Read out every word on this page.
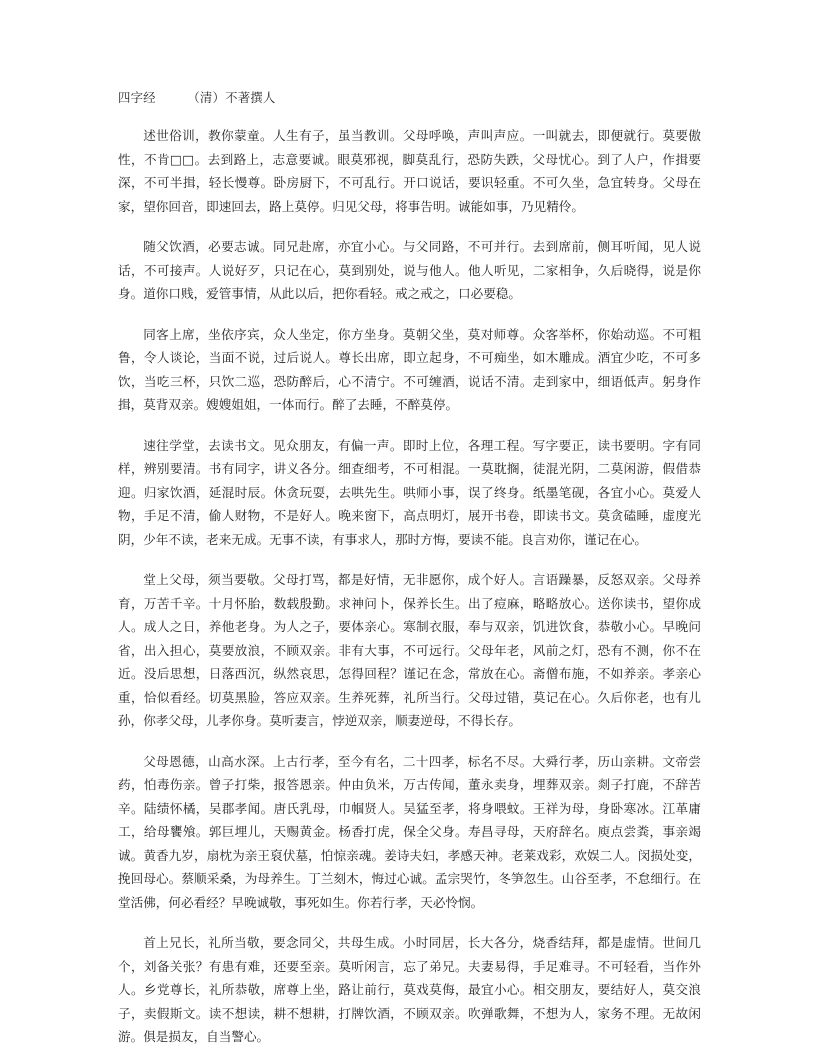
四字经　　　（清）不著撰人

述世俗训，教你蒙童。人生有子，虽当教训。父母呼唤，声叫声应。一叫就去，即便就行。莫要傲性，不肯□□。去到路上，志意要诚。眼莫邪视，脚莫乱行，恐防失跌，父母忧心。到了人户，作揖要深，不可半揖，轻长慢尊。卧房厨下，不可乱行。开口说话，要识轻重。不可久坐，急宜转身。父母在家，望你回音，即速回去，路上莫停。归见父母，将事告明。诚能如事，乃见精伶。

随父饮酒，必要志诚。同兄赴席，亦宜小心。与父同路，不可并行。去到席前，侧耳听闻，见人说话，不可接声。人说好歹，只记在心，莫到别处，说与他人。他人听见，二家相争，久后晓得，说是你身。道你口贱，爱管事情，从此以后，把你看轻。戒之戒之，口必要稳。

同客上席，坐依序宾，众人坐定，你方坐身。莫朝父坐，莫对师尊。众客举杯，你始动巡。不可粗鲁，令人谈论，当面不说，过后说人。尊长出席，即立起身，不可痴坐，如木雕成。酒宜少吃，不可多饮，当吃三杯，只饮二巡，恐防醉后，心不清宁。不可缠酒，说话不清。走到家中，细语低声。躬身作揖，莫背双亲。嫂嫂姐姐，一体而行。醉了去睡，不醉莫停。

速往学堂，去读书文。见众朋友，有偏一声。即时上位，各理工程。写字要正，读书要明。字有同样，辨别要清。书有同字，讲义各分。细查细考，不可相混。一莫耽搁，徒混光阴，二莫闲游，假借恭迎。归家饮酒，延混时辰。休贪玩耍，去哄先生。哄师小事，误了终身。纸墨笔砚，各宜小心。莫爱人物，手足不清，偷人财物，不是好人。晚来窗下，高点明灯，展开书卷，即读书文。莫贪磕睡，虚度光阴，少年不读，老来无成。无事不读，有事求人，那时方悔，要读不能。良言劝你，谨记在心。

堂上父母，须当要敬。父母打骂，都是好情，无非愿你，成个好人。言语躁暴，反怒双亲。父母养育，万苦千辛。十月怀胎，数载殷勤。求神问卜，保养长生。出了痘麻，略略放心。送你读书，望你成人。成人之日，养他老身。为人之子，要体亲心。寒制衣服，奉与双亲，饥进饮食，恭敬小心。早晚问省，出入担心，莫要放浪，不顾双亲。非有大事，不可远行。父母年老，风前之灯，恐有不测，你不在近。没后思想，日落西沉，纵然哀思，怎得回程？谨记在念，常放在心。斋僧布施，不如养亲。孝亲心重，恰似看经。切莫黑脸，答应双亲。生养死葬，礼所当行。父母过错，莫记在心。久后你老，也有儿孙，你孝父母，儿孝你身。莫听妻言，悖逆双亲，顺妻逆母，不得长存。

父母恩德，山高水深。上古行孝，至今有名，二十四孝，标名不尽。大舜行孝，历山亲耕。文帝尝药，怕毒伤亲。曾子打柴，报答恩亲。仲由负米，万古传闻，董永卖身，埋葬双亲。剡子打鹿，不辞苦辛。陆绩怀橘，吴郡孝闻。唐氏乳母，巾帼贤人。吴猛至孝，将身喂蚊。王祥为母，身卧寒冰。江革庸工，给母饔飧。郭巨埋儿，天赐黄金。杨香打虎，保全父身。寿昌寻母，天府辞名。庾点尝粪，事亲竭诚。黄香九岁，扇枕为亲王裒伏墓，怕惊亲魂。姜诗夫妇，孝感天神。老莱戏彩，欢娱二人。闵损处变，挽回母心。蔡顺采桑，为母养生。丁兰刻木，悔过心诚。孟宗哭竹，冬笋忽生。山谷至孝，不怠细行。在堂活佛，何必看经？早晚诚敬，事死如生。你若行孝，天必怜悯。

首上兄长，礼所当敬，要念同父，共母生成。小时同居，长大各分，烧香结拜，都是虚情。世间几个，刘备关张？有患有难，还要至亲。莫听闲言，忘了弟兄。夫妻易得，手足难寻。不可轻看，当作外人。乡党尊长，礼所恭敬，席尊上坐，路让前行，莫戏莫侮，最宜小心。相交朋友，要结好人，莫交浪子，卖假斯文。读不想读，耕不想耕，打牌饮酒，不顾双亲。吹弹歌舞，不想为人，家务不理。无故闲游。俱是损友，自当警心。
